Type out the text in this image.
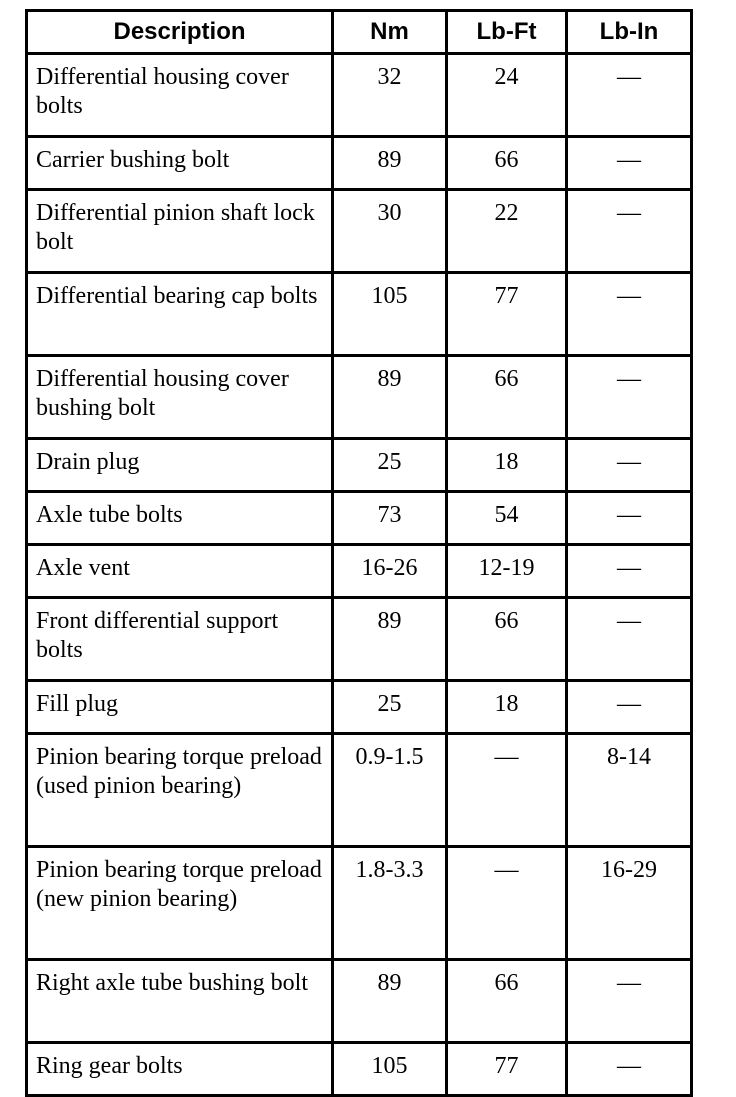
Description	Nm	Lb-Ft	Lb-In
Differential housing cover bolts	32	24	—
Carrier bushing bolt	89	66	—
Differential pinion shaft lock bolt	30	22	—
Differential bearing cap bolts	105	77	—
Differential housing cover bushing bolt	89	66	—
Drain plug	25	18	—
Axle tube bolts	73	54	—
Axle vent	16-26	12-19	—
Front differential support bolts	89	66	—
Fill plug	25	18	—
Pinion bearing torque preload (used pinion bearing)	0.9-1.5	—	8-14
Pinion bearing torque preload (new pinion bearing)	1.8-3.3	—	16-29
Right axle tube bushing bolt	89	66	—
Ring gear bolts	105	77	—
